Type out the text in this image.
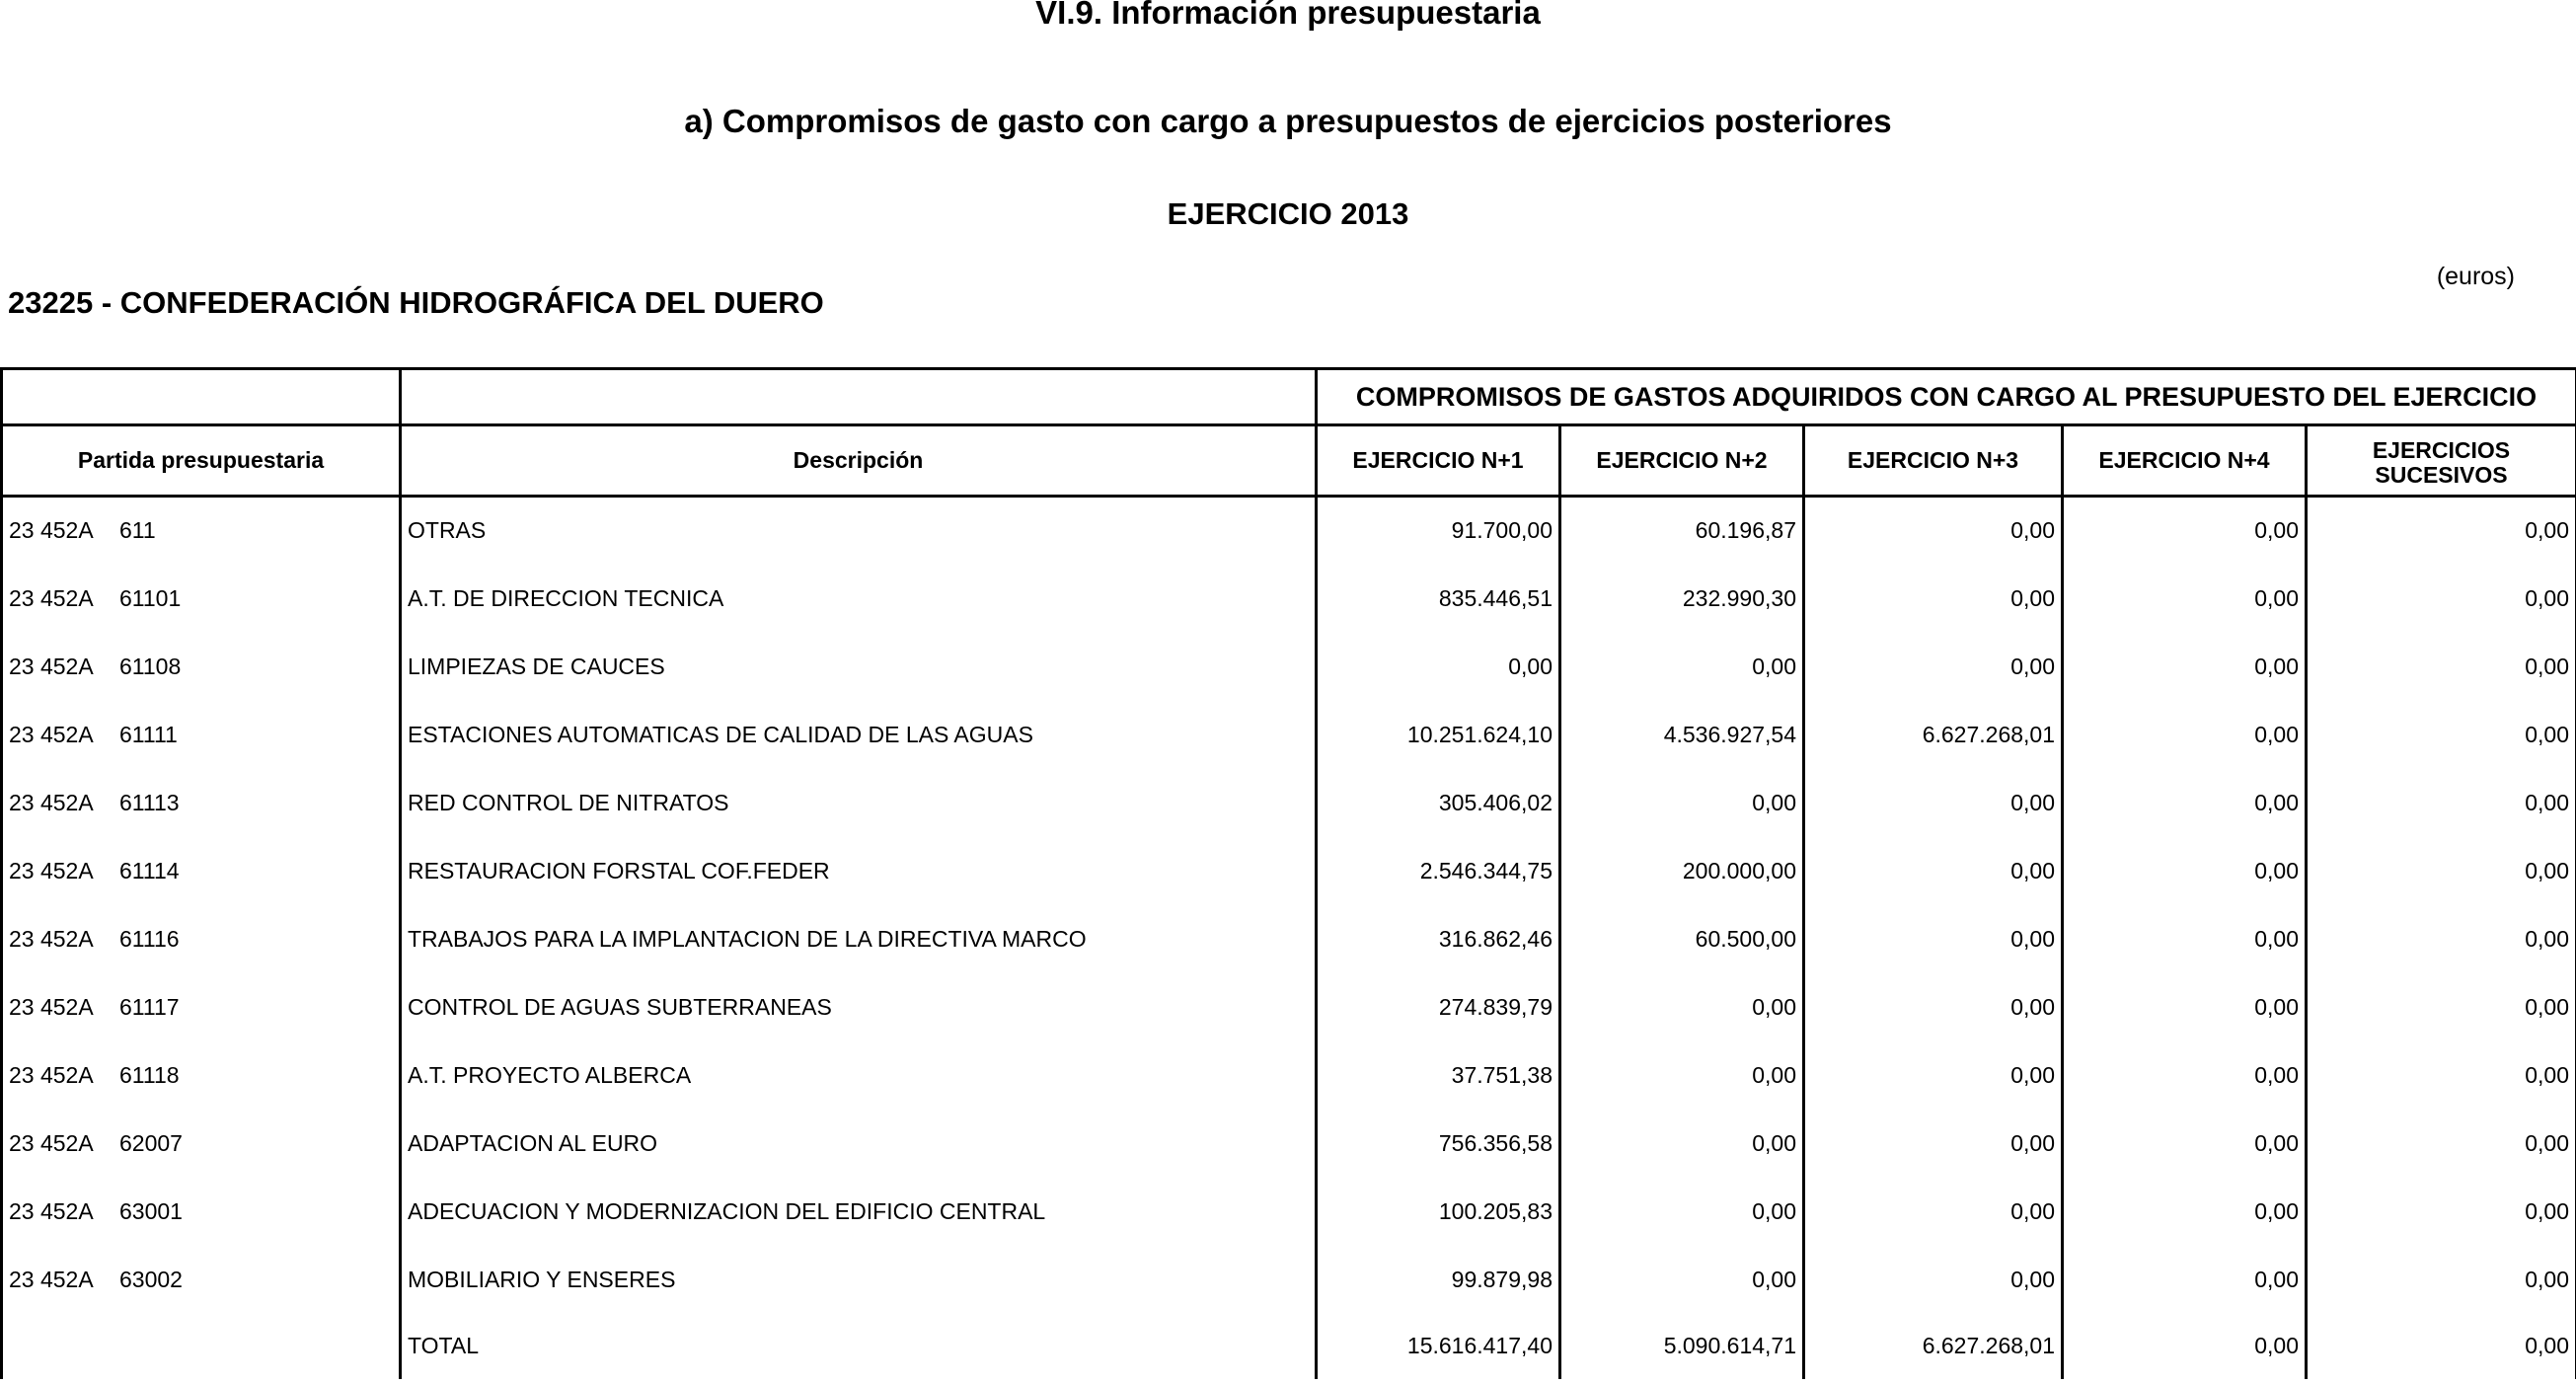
VI.9. Información presupuestaria
a) Compromisos de gasto con cargo a presupuestos de ejercicios posteriores
EJERCICIO 2013
(euros)
23225 - CONFEDERACIÓN HIDROGRÁFICA DEL DUERO
		COMPROMISOS DE GASTOS ADQUIRIDOS CON CARGO AL PRESUPUESTO DEL EJERCICIO				
Partida presupuestaria	Descripción	EJERCICIO N+1	EJERCICIO N+2	EJERCICIO N+3	EJERCICIO N+4	EJERCICIOS SUCESIVOS
23 452A 611	OTRAS	91.700,00	60.196,87	0,00	0,00	0,00
23 452A 61101	A.T. DE DIRECCION TECNICA	835.446,51	232.990,30	0,00	0,00	0,00
23 452A 61108	LIMPIEZAS DE CAUCES	0,00	0,00	0,00	0,00	0,00
23 452A 61111	ESTACIONES AUTOMATICAS DE CALIDAD DE LAS AGUAS	10.251.624,10	4.536.927,54	6.627.268,01	0,00	0,00
23 452A 61113	RED CONTROL DE NITRATOS	305.406,02	0,00	0,00	0,00	0,00
23 452A 61114	RESTAURACION FORSTAL COF.FEDER	2.546.344,75	200.000,00	0,00	0,00	0,00
23 452A 61116	TRABAJOS PARA LA IMPLANTACION DE LA DIRECTIVA MARCO	316.862,46	60.500,00	0,00	0,00	0,00
23 452A 61117	CONTROL DE AGUAS SUBTERRANEAS	274.839,79	0,00	0,00	0,00	0,00
23 452A 61118	A.T. PROYECTO ALBERCA	37.751,38	0,00	0,00	0,00	0,00
23 452A 62007	ADAPTACION AL EURO	756.356,58	0,00	0,00	0,00	0,00
23 452A 63001	ADECUACION Y MODERNIZACION DEL EDIFICIO CENTRAL	100.205,83	0,00	0,00	0,00	0,00
23 452A 63002	MOBILIARIO Y ENSERES	99.879,98	0,00	0,00	0,00	0,00
	TOTAL	15.616.417,40	5.090.614,71	6.627.268,01	0,00	0,00
